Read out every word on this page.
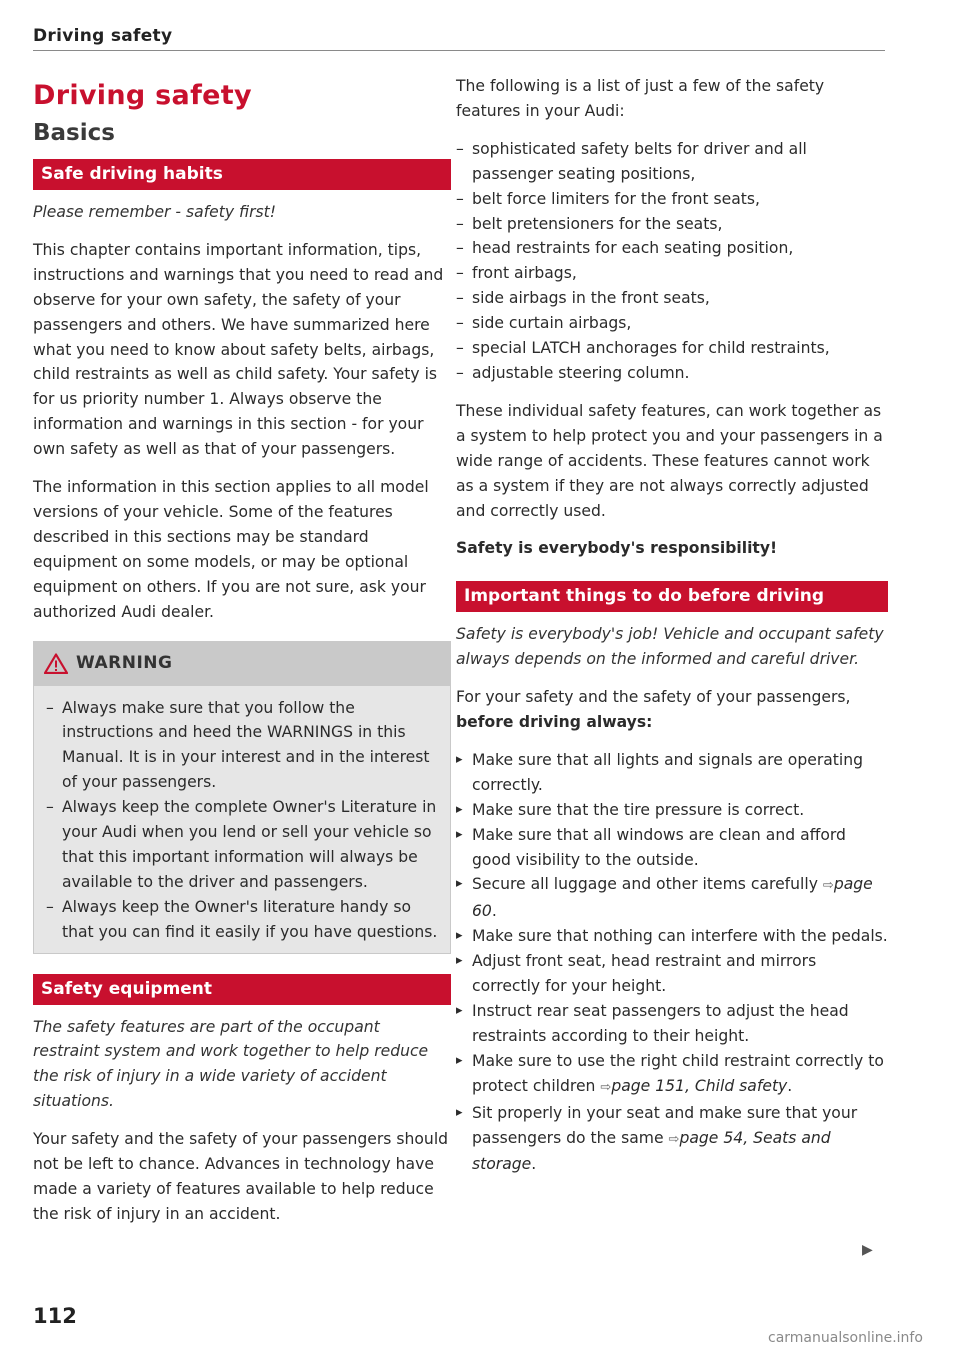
Driving safety
Driving safety
Basics
Safe driving habits

Please remember - safety first!

This chapter contains important information, tips, instructions and warnings that you need to read and observe for your own safety, the safety of your passengers and others. We have summarized here what you need to know about safety belts, airbags, child restraints as well as child safety. Your safety is for us priority number 1. Always observe the information and warnings in this section - for your own safety as well as that of your passengers.

The information in this section applies to all model versions of your vehicle. Some of the features described in this sections may be standard equipment on some models, or may be optional equipment on others. If you are not sure, ask your authorized Audi dealer.

WARNING

– Always make sure that you follow the instructions and heed the WARNINGS in this Manual. It is in your interest and in the interest of your passengers.

– Always keep the complete Owner's Literature in your Audi when you lend or sell your vehicle so that this important information will always be available to the driver and passengers.

– Always keep the Owner's literature handy so that you can find it easily if you have questions.

Safety equipment

The safety features are part of the occupant restraint system and work together to help reduce the risk of injury in a wide variety of accident situations.

Your safety and the safety of your passengers should not be left to chance. Advances in technology have made a variety of features available to help reduce the risk of injury in an accident.

The following is a list of just a few of the safety features in your Audi:

– sophisticated safety belts for driver and all passenger seating positions,

– belt force limiters for the front seats,

– belt pretensioners for the seats,

– head restraints for each seating position,

– front airbags,

– side airbags in the front seats,

– side curtain airbags,

– special LATCH anchorages for child restraints,

– adjustable steering column.

These individual safety features, can work together as a system to help protect you and your passengers in a wide range of accidents. These features cannot work as a system if they are not always correctly adjusted and correctly used.

Safety is everybody's responsibility!

Important things to do before driving

Safety is everybody's job! Vehicle and occupant safety always depends on the informed and careful driver.

For your safety and the safety of your passengers, before driving always:

▸ Make sure that all lights and signals are operating correctly.

▸ Make sure that the tire pressure is correct.

▸ Make sure that all windows are clean and afford good visibility to the outside.

▸ Secure all luggage and other items carefully ⇨page 60.

▸ Make sure that nothing can interfere with the pedals.

▸ Adjust front seat, head restraint and mirrors correctly for your height.

▸ Instruct rear seat passengers to adjust the head restraints according to their height.

▸ Make sure to use the right child restraint correctly to protect children ⇨page 151, Child safety.

▸ Sit properly in your seat and make sure that your passengers do the same ⇨page 54, Seats and storage.

▶
112
carmanualsonline.info
